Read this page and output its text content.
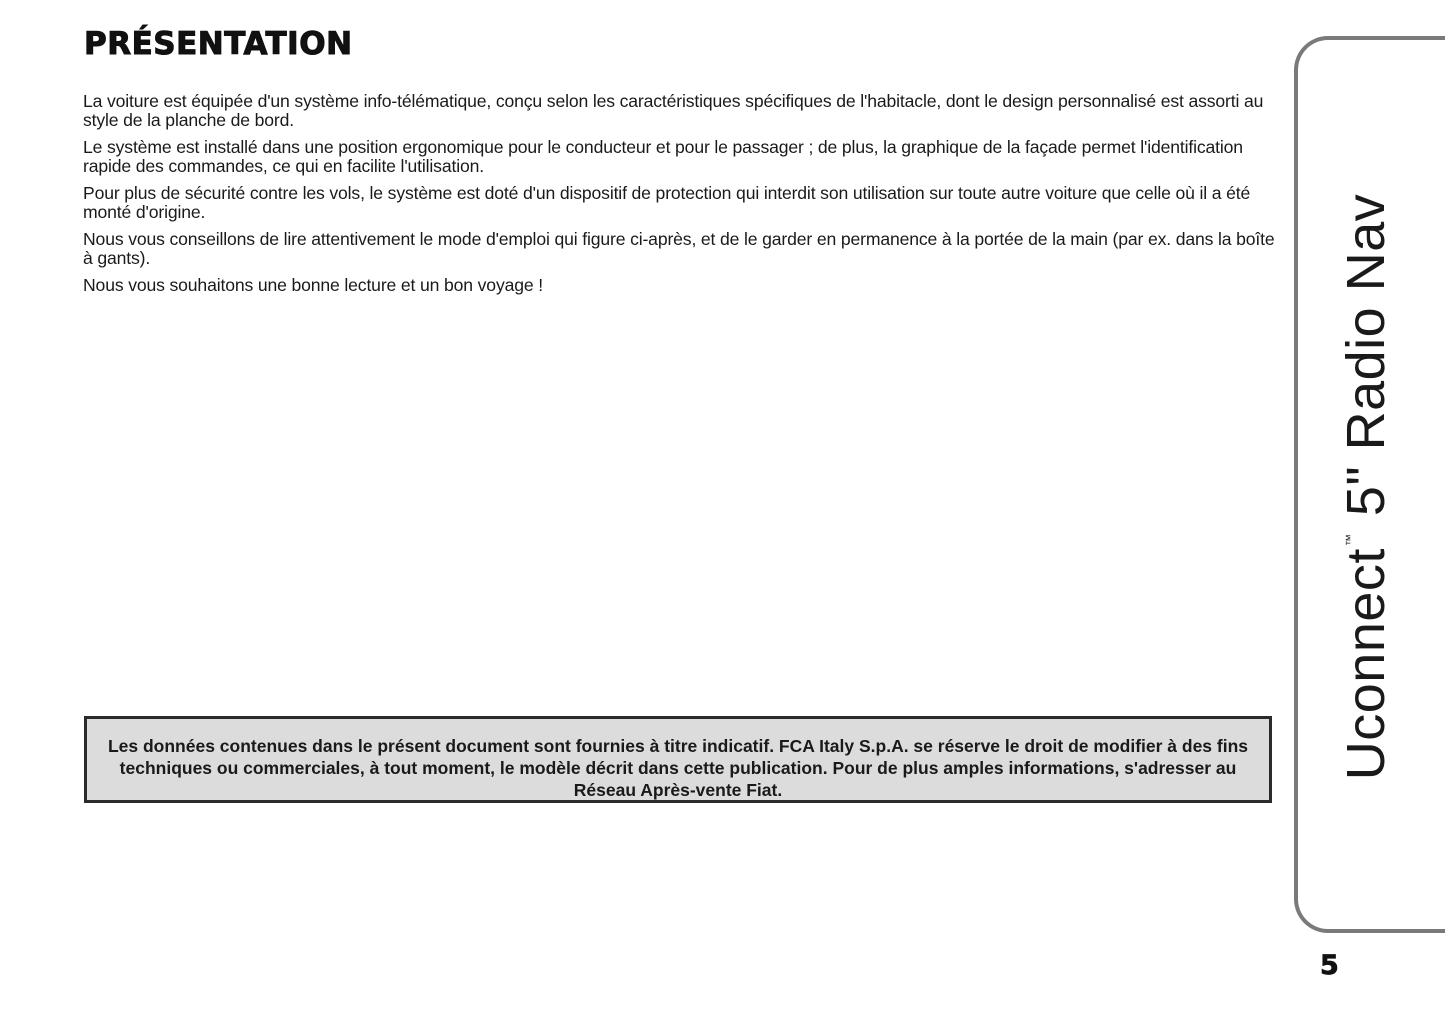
PRÉSENTATION

La voiture est équipée d'un système info-télématique, conçu selon les caractéristiques spécifiques de l'habitacle, dont le design personnalisé est assorti au style de la planche de bord.

Le système est installé dans une position ergonomique pour le conducteur et pour le passager ; de plus, la graphique de la façade permet l'identification rapide des commandes, ce qui en facilite l'utilisation.

Pour plus de sécurité contre les vols, le système est doté d'un dispositif de protection qui interdit son utilisation sur toute autre voiture que celle où il a été monté d'origine.

Nous vous conseillons de lire attentivement le mode d'emploi qui figure ci-après, et de le garder en permanence à la portée de la main (par ex. dans la boîte à gants).

Nous vous souhaitons une bonne lecture et un bon voyage !

Les données contenues dans le présent document sont fournies à titre indicatif. FCA Italy S.p.A. se réserve le droit de modifier à des fins techniques ou commerciales, à tout moment, le modèle décrit dans cette publication. Pour de plus amples informations, s'adresser au Réseau Après-vente Fiat.

Uconnect™ 5" Radio Nav
5
